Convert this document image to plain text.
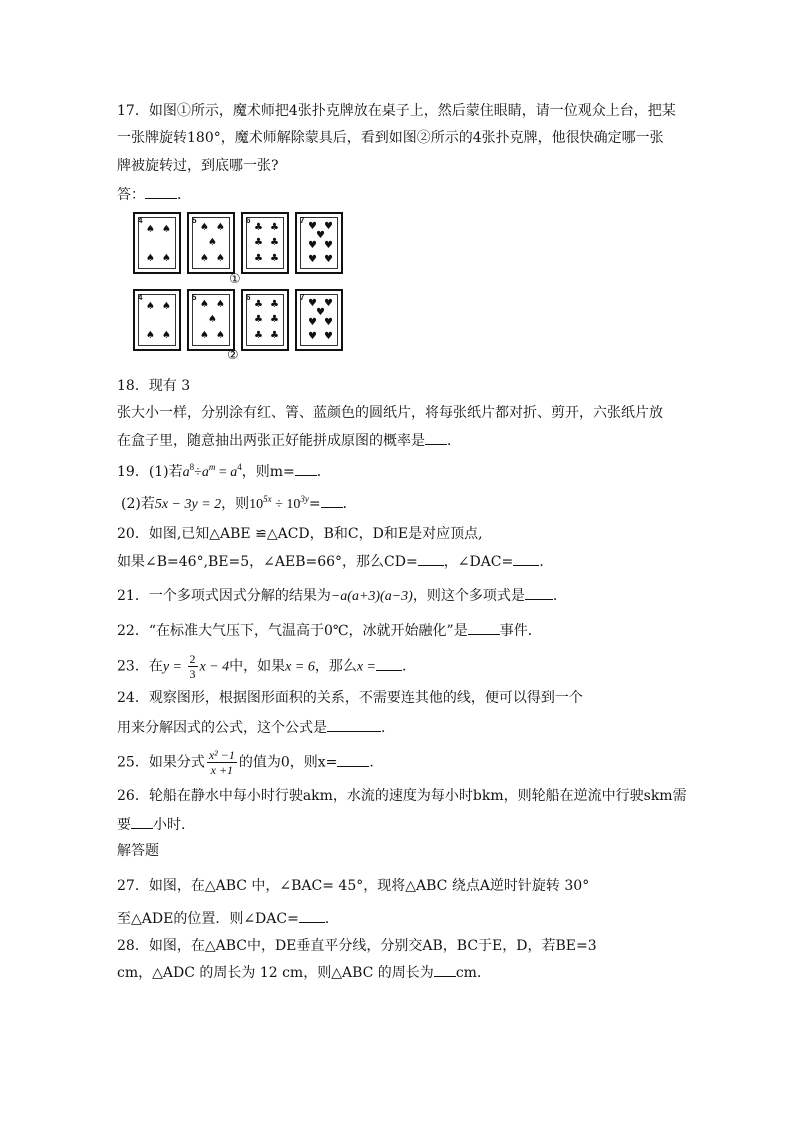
17．如图①所示，魔术师把4张扑克牌放在桌子上，然后蒙住眼睛，请一位观众上台，把某
一张牌旋转180°，魔术师解除蒙具后，看到如图②所示的4张扑克牌，他很快确定哪一张
牌被旋转过，到底哪一张?
答： ．
4
♠ ♠
♠ ♠
5
♠ ♠
♠
♠ ♠
6
♣ ♣
♣ ♣
♣ ♣
7
♥ ♥
♥
♥ ♥
♥ ♥
①
4
♠ ♠
♠ ♠
5
♠ ♠
♠
♠ ♠
6
♣ ♣
♣ ♣
♣ ♣
7
♥ ♥
♥
♥ ♥
♥ ♥
②
18．现有 3
张大小一样，分别涂有红、箐、蓝颜色的圆纸片，将每张纸片都对折、剪开，六张纸片放
在盒子里，随意抽出两张正好能拼成原图的概率是 ．
19．(1)若$a^8\div a^m = a^4$，则m= ．
(2)若5x − 3y = 2，则$10^{5x} \div 10^{3y}=$ ．
20．如图,已知△ABE ≌△ACD，B和C，D和E是对应顶点,
如果∠B=46°,BE=5，∠AEB=66°，那么CD= ，∠DAC= .
21．一个多项式因式分解的结果为−a(a+3)(a−3)，则这个多项式是 .
22．“在标准大气压下，气温高于0℃，冰就开始融化”是 事件．
23．在$y = \frac{2}{3}$ x − 4中，如果x = 6，那么x = .
24．观察图形，根据图形面积的关系，不需要连其他的线，便可以得到一个
用来分解因式的公式，这个公式是	.
25．如果分式 $\frac{\text{x² −1}}{x +1}$ 的值为0，则x= .
26．轮船在静水中每小时行驶akm，水流的速度为每小时bkm，则轮船在逆流中行驶skm需
要 小时.
解答题
27．如图，在△ABC 中，∠BAC= 45°，现将△ABC 绕点A逆时针旋转 30°
至△ADE的位置．则∠DAC= ．
28．如图，在△ABC中，DE垂直平分线，分别交AB，BC于E，D，若BE=3
cm，△ADC 的周长为 12 cm，则△ABC 的周长为 cm.
